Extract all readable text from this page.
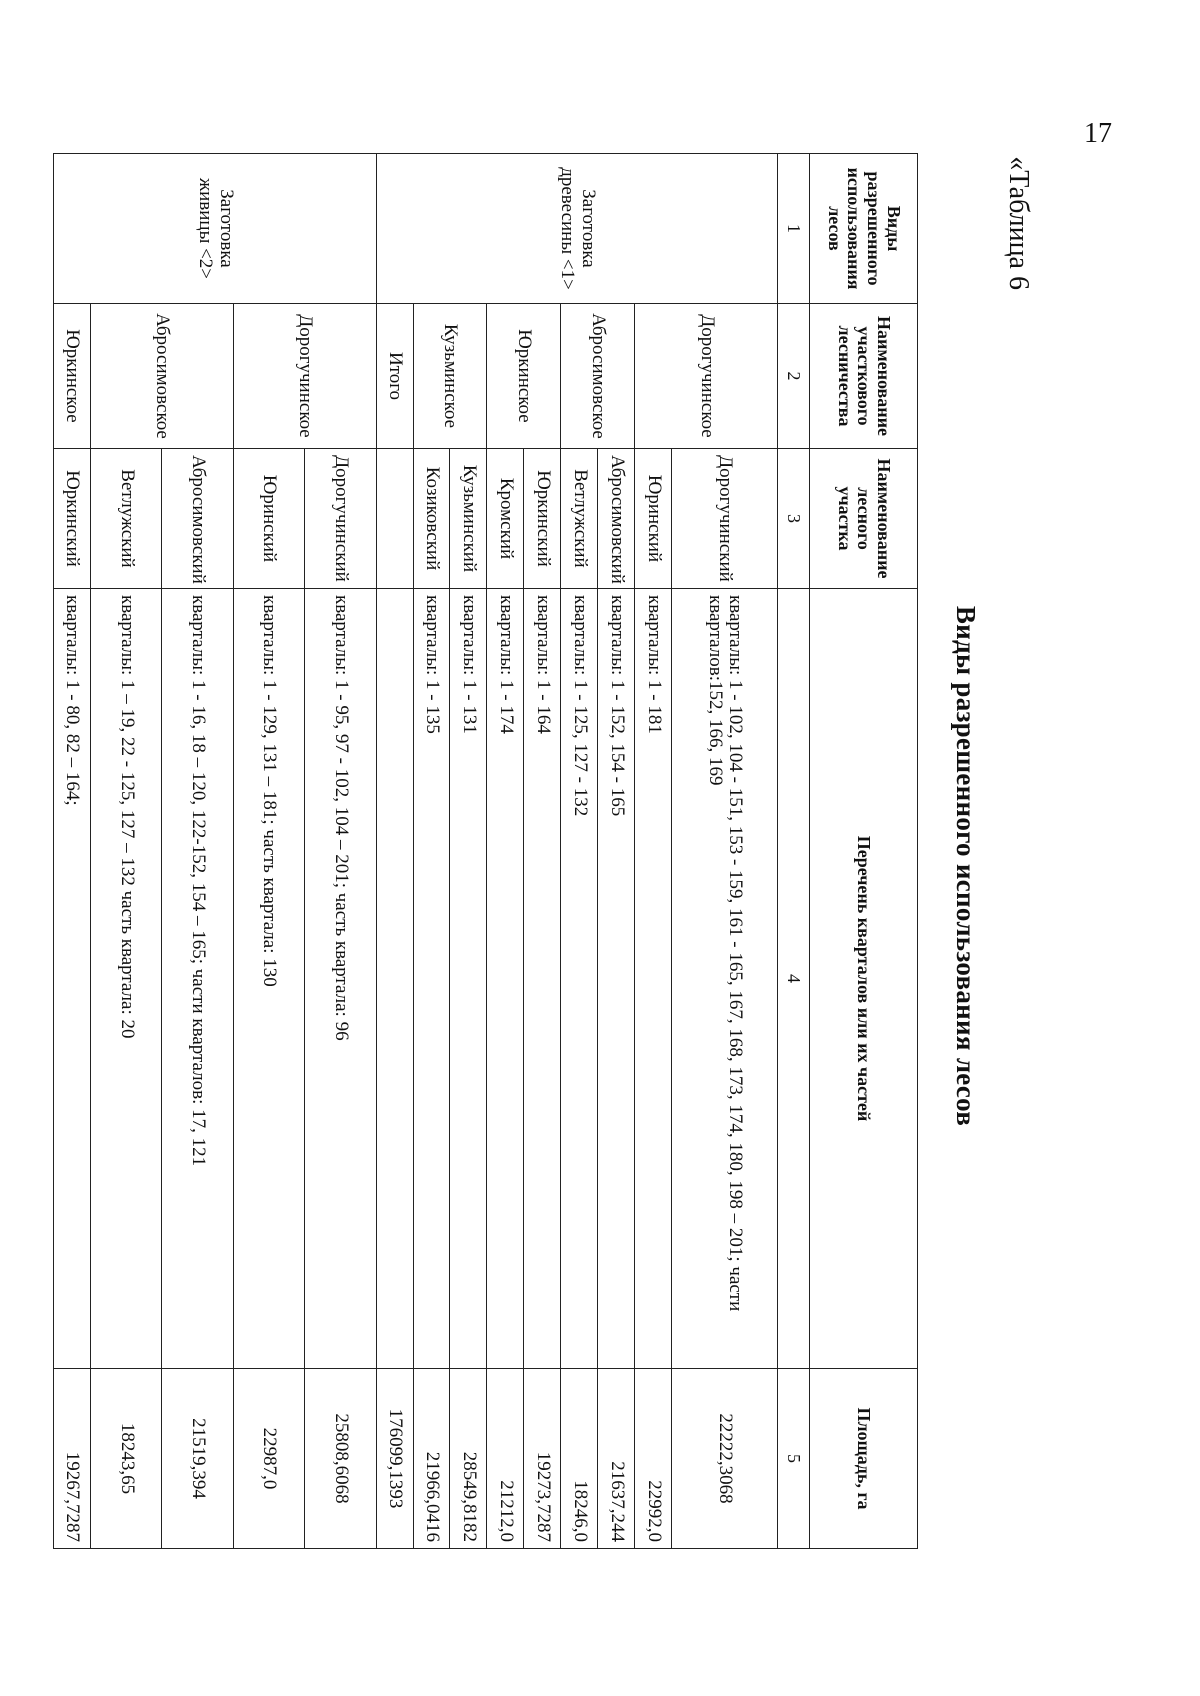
17
«Таблица 6
Виды разрешенного использования лесов
Виды разрешенного использования лесов	Наименование участкового лесничества	Наименование лесного участка	Перечень кварталов или их частей	Площадь, га
1	2	3	4	5
Заготовка древесины <1>	Дорогучинское	Дорогучинский	кварталы: 1 - 102, 104 - 151, 153 - 159, 161 - 165, 167, 168, 173, 174, 180, 198 – 201; части кварталов:152, 166, 169	22222,3068
		Юринский	кварталы: 1 - 181	22992,0
	Абросимовское	Абросимовский	кварталы: 1 - 152, 154 - 165	21637,244
		Ветлужский	кварталы: 1 - 125, 127 - 132	18246,0
	Юркинское	Юркинский	кварталы: 1 - 164	19273,7287
		Кромский	кварталы: 1 - 174	21212,0
	Кузьминское	Кузьминский	кварталы: 1 - 131	28549,8182
		Козиковский	кварталы: 1 - 135	21966,0416
	Итого			176099,1393
Заготовка живицы <2>	Дорогучинское	Дорогучинский	кварталы: 1 - 95, 97 - 102, 104 – 201; часть квартала: 96	25808,6068
		Юринский	кварталы: 1 - 129, 131 – 181; часть квартала: 130	22987,0
	Абросимовское	Абросимовский	кварталы: 1 - 16, 18 – 120, 122-152, 154 – 165; части кварталов: 17, 121	21519,394
		Ветлужский	кварталы: 1 – 19, 22 - 125, 127 – 132 часть квартала: 20	18243,65
	Юркинское	Юркинский	кварталы: 1 - 80, 82 – 164;	19267,7287
